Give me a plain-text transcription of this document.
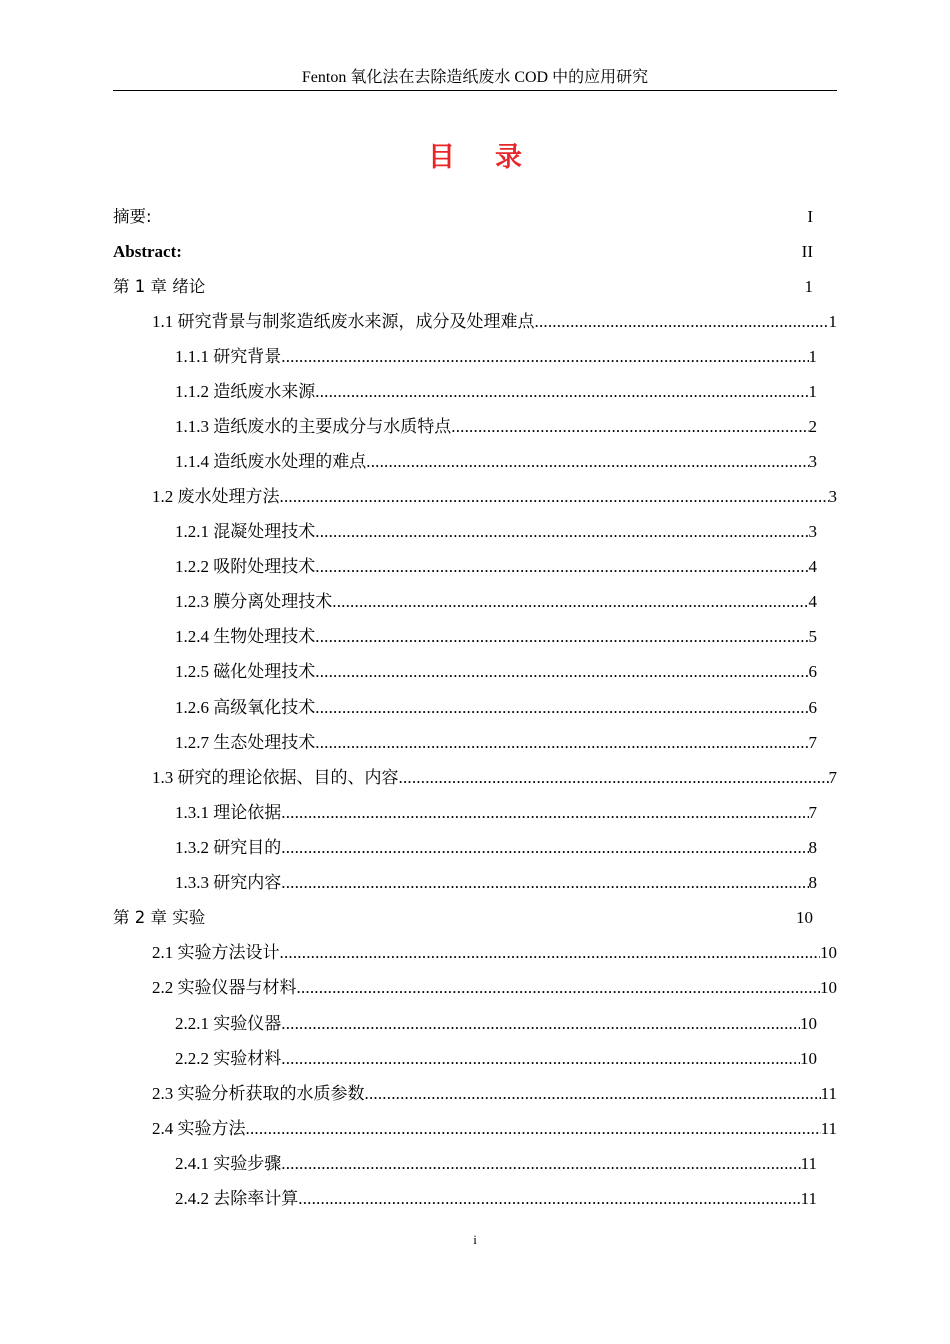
Fenton 氧化法在去除造纸废水 COD 中的应用研究
目 录
摘要:	I
Abstract:	II
第 1 章 绪论	1
1.1 研究背景与制浆造纸废水来源，成分及处理难点 .....	1
1.1.1 研究背景 .....	1
1.1.2 造纸废水来源 .....	1
1.1.3 造纸废水的主要成分与水质特点 .....	2
1.1.4 造纸废水处理的难点 .....	3
1.2 废水处理方法 .....	3
1.2.1 混凝处理技术 .....	3
1.2.2 吸附处理技术 .....	4
1.2.3 膜分离处理技术 .....	4
1.2.4 生物处理技术 .....	5
1.2.5 磁化处理技术 .....	6
1.2.6 高级氧化技术 .....	6
1.2.7 生态处理技术 .....	7
1.3 研究的理论依据、目的、内容 .....	7
1.3.1 理论依据 .....	7
1.3.2 研究目的 .....	8
1.3.3 研究内容 .....	8
第 2 章 实验	10
2.1 实验方法设计 .....	10
2.2 实验仪器与材料 .....	10
2.2.1 实验仪器 .....	10
2.2.2 实验材料 .....	10
2.3 实验分析获取的水质参数 .....	11
2.4 实验方法 .....	11
2.4.1 实验步骤 .....	11
2.4.2 去除率计算 .....	11
i
